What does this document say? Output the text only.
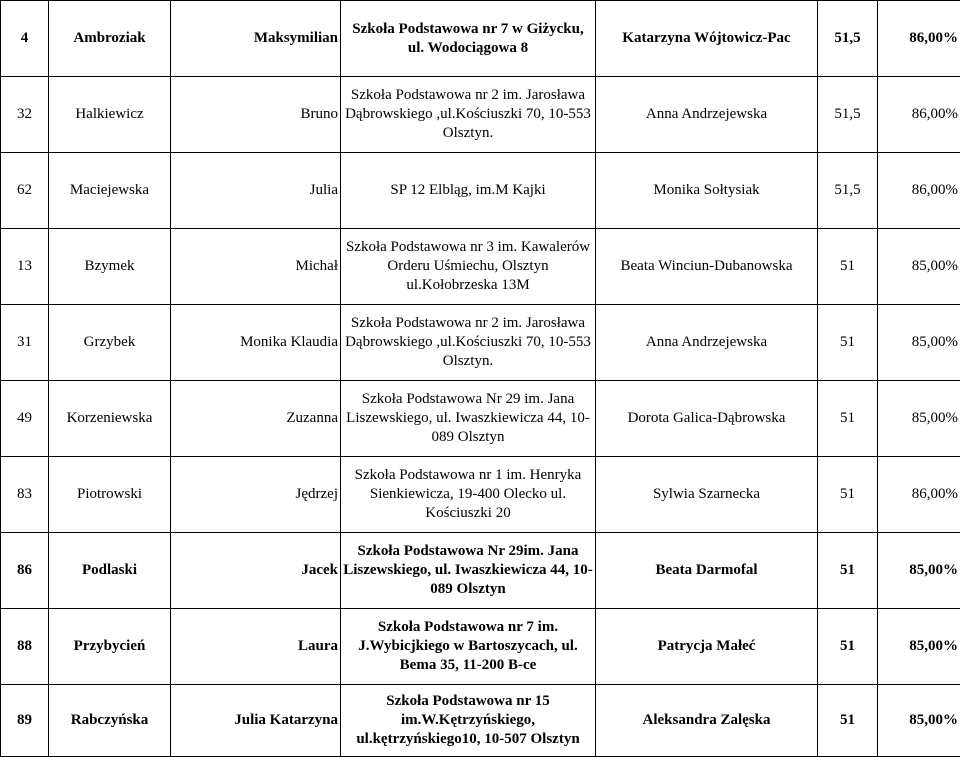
4	Ambroziak	Maksymilian	Szkoła Podstawowa nr 7 w Giżycku, ul. Wodociągowa 8	Katarzyna Wójtowicz-Pac	51,5	86,00%
32	Halkiewicz	Bruno	Szkoła Podstawowa nr 2 im. Jarosława Dąbrowskiego ,ul.Kościuszki 70, 10-553 Olsztyn.	Anna Andrzejewska	51,5	86,00%
62	Maciejewska	Julia	SP 12 Elbląg, im.M Kajki	Monika Sołtysiak	51,5	86,00%
13	Bzymek	Michał	Szkoła Podstawowa nr 3 im. Kawalerów Orderu Uśmiechu, Olsztyn ul.Kołobrzeska 13M	Beata Winciun-Dubanowska	51	85,00%
31	Grzybek	Monika Klaudia	Szkoła Podstawowa nr 2 im. Jarosława Dąbrowskiego ,ul.Kościuszki 70, 10-553 Olsztyn.	Anna Andrzejewska	51	85,00%
49	Korzeniewska	Zuzanna	Szkoła Podstawowa Nr 29 im. Jana Liszewskiego, ul. Iwaszkiewicza 44, 10-089 Olsztyn	Dorota Galica-Dąbrowska	51	85,00%
83	Piotrowski	Jędrzej	Szkoła Podstawowa nr 1 im. Henryka Sienkiewicza, 19-400 Olecko ul. Kościuszki 20	Sylwia Szarnecka	51	86,00%
86	Podlaski	Jacek	Szkoła Podstawowa Nr 29im. Jana Liszewskiego, ul. Iwaszkiewicza 44, 10-089 Olsztyn	Beata Darmofal	51	85,00%
88	Przybycień	Laura	Szkoła Podstawowa nr 7 im. J.Wybicjkiego w Bartoszycach, ul. Bema 35, 11-200 B-ce	Patrycja Małeć	51	85,00%
89	Rabczyńska	Julia Katarzyna	Szkoła Podstawowa nr 15 im.W.Kętrzyńskiego, ul.kętrzyńskiego10, 10-507 Olsztyn	Aleksandra Zalęska	51	85,00%
